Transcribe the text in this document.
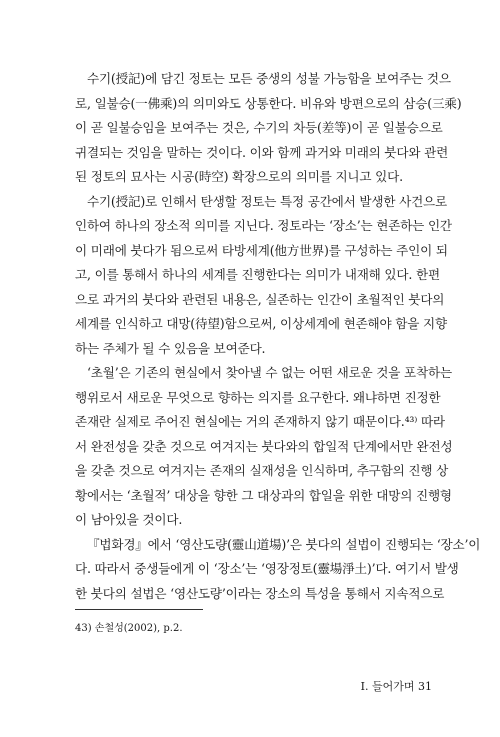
수기(授記)에 담긴 정토는 모든 중생의 성불 가능함을 보여주는 것으
로, 일불승(一佛乘)의 의미와도 상통한다. 비유와 방편으로의 삼승(三乘)
이 곧 일불승임을 보여주는 것은, 수기의 차등(差等)이 곧 일불승으로
귀결되는 것임을 말하는 것이다. 이와 함께 과거와 미래의 붓다와 관련
된 정토의 묘사는 시공(時空) 확장으로의 의미를 지니고 있다.
수기(授記)로 인해서 탄생할 정토는 특정 공간에서 발생한 사건으로
인하여 하나의 장소적 의미를 지닌다. 정토라는 ‘장소’는 현존하는 인간
이 미래에 붓다가 됨으로써 타방세계(他方世界)를 구성하는 주인이 되
고, 이를 통해서 하나의 세계를 진행한다는 의미가 내재해 있다. 한편
으로 과거의 붓다와 관련된 내용은, 실존하는 인간이 초월적인 붓다의
세계를 인식하고 대망(待望)함으로써, 이상세계에 현존해야 함을 지향
하는 주체가 될 수 있음을 보여준다.
‘초월’은 기존의 현실에서 찾아낼 수 없는 어떤 새로운 것을 포착하는
행위로서 새로운 무엇으로 향하는 의지를 요구한다. 왜냐하면 진정한
존재란 실제로 주어진 현실에는 거의 존재하지 않기 때문이다.⁴³⁾ 따라
서 완전성을 갖춘 것으로 여겨지는 붓다와의 합일적 단계에서만 완전성
을 갖춘 것으로 여겨지는 존재의 실재성을 인식하며, 추구함의 진행 상
황에서는 ‘초월적’ 대상을 향한 그 대상과의 합일을 위한 대망의 진행형
이 남아있을 것이다.
『법화경』에서 ‘영산도량(靈山道場)’은 붓다의 설법이 진행되는 ‘장소’이
다. 따라서 중생들에게 이 ‘장소’는 ‘영장정토(靈場淨土)’다. 여기서 발생
한 붓다의 설법은 ‘영산도량’이라는 장소의 특성을 통해서 지속적으로
43) 손철성(2002), p.2.
I. 들어가며 31
